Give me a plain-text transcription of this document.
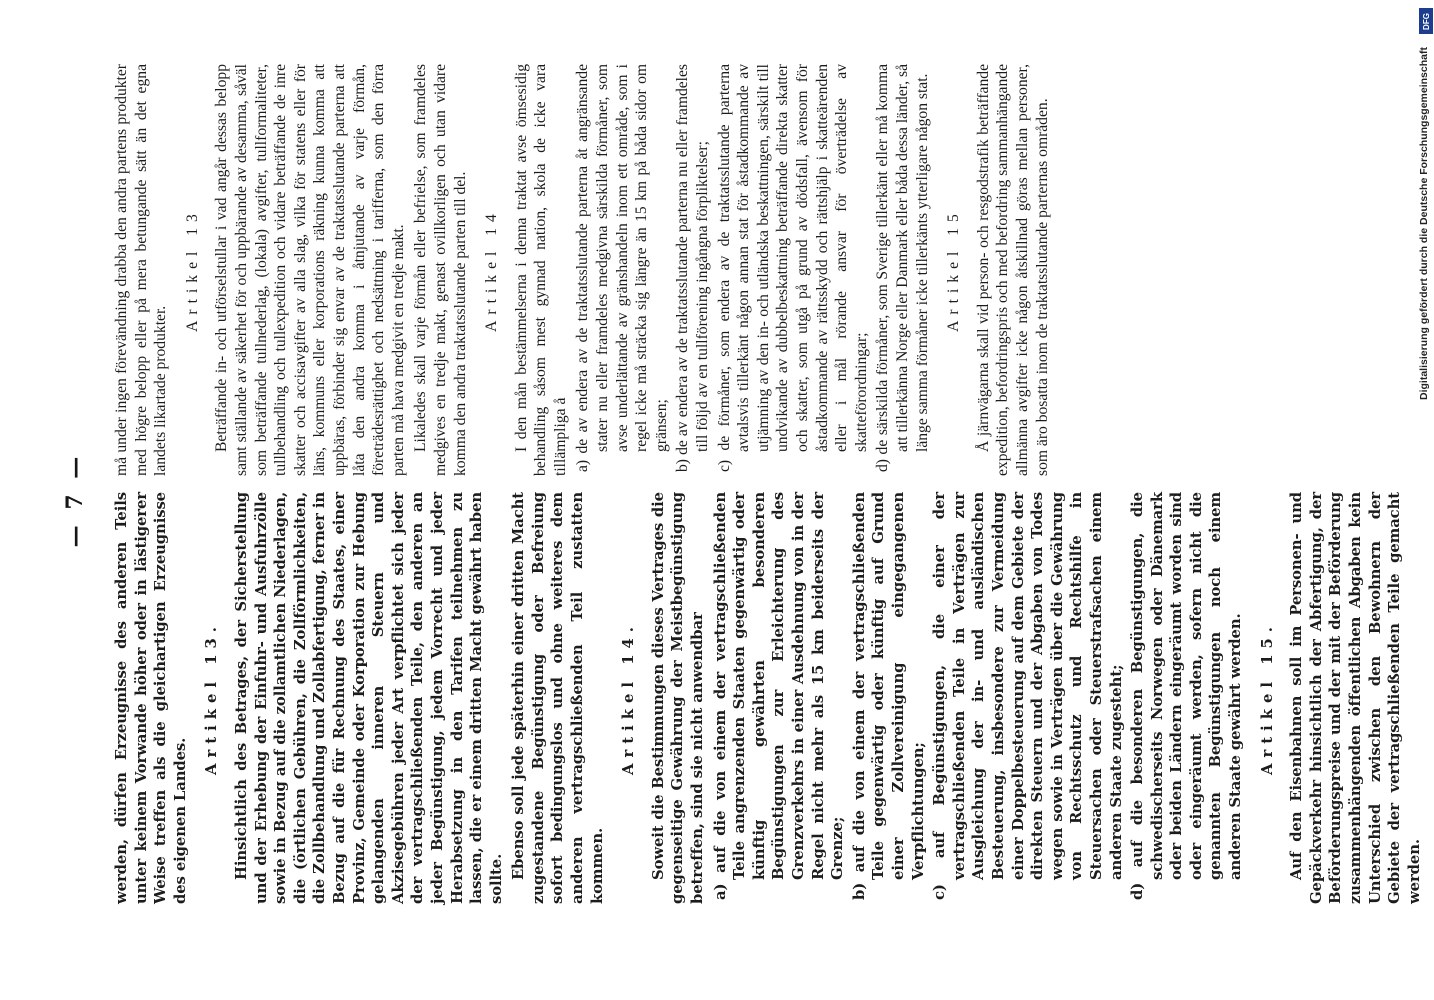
— 7 — werden, dürfen Erzeugnisse des anderen Teils unter keinem Vorwande höher oder in lästigerer Weise treffen als die gleichartigen Erzeugnisse des eigenen Landes.

Artikel 13. Hinsichtlich des Betrages, der Sicherstellung und der Erhebung der Einfuhr- und Ausfuhrzölle sowie in Bezug auf die zollamtlichen Niederlagen, die (örtlichen Gebühren, die Zollförmlichkeiten, die Zollbehandlung und Zollabfertigung, ferner in Bezug auf die für Rechnung des Staates, einer Provinz, Gemeinde oder Korporation zur Hebung gelangenden inneren Steuern und Akzisegebühren jeder Art verpflichtet sich jeder der vertragschließenden Teile, den anderen an jeder Begünstigung, jedem Vorrecht und jeder Herabsetzung in den Tarifen teilnehmen zu lassen, die er einem dritten Macht gewährt haben sollte. Ebenso soll jede späterhin einer dritten Macht zugestandene Begünstigung oder Befreiung sofort bedingungslos und ohne weiteres dem anderen vertragschließenden Teil zustatten kommen.

Artikel 14. Soweit die Bestimmungen dieses Vertrages die gegenseitige Gewährung der Meistbegünstigung betreffen, sind sie nicht anwendbar a) auf die von einem der vertragschließenden Teile angrenzenden Staaten gegenwärtig oder künftig gewährten besonderen Begünstigungen zur Erleichterung des Grenzverkehrs in einer Ausdehnung von in der Regel nicht mehr als 15 km beiderseits der Grenze; b) auf die von einem der vertragschließenden Teile gegenwärtig oder künftig auf Grund einer Zollvereinigung eingegangenen Verpflichtungen; c) auf Begünstigungen, die einer der vertragschließenden Teile in Verträgen zur Ausgleichung der in- und ausländischen Besteuerung, insbesondere zur Vermeidung einer Doppelbesteuerung auf dem Gebiete der direkten Steuern und der Abgaben von Todes wegen sowie in Verträgen über die Gewährung von Rechtsschutz und Rechtshilfe in Steuersachen oder Steuerstrafsachen einem anderen Staate zugesteht; d) auf die besonderen Begünstigungen, die schwedischerseits Norwegen oder Dänemark oder beiden Ländern eingeräumt worden sind oder eingeräumt werden, sofern nicht die genannten Begünstigungen noch einem anderen Staate gewährt werden. Artikel 15. Auf den Eisenbahnen soll im Personen- und Gepäckverkehr hinsichtlich der Abfertigung, der Beförderungspreise und der mit der Beförderung zusammenhängenden öffentlichen Abgaben kein Unterschied zwischen den Bewohnern der Gebiete der vertragschließenden Teile gemacht werden.

må under ingen förevändning drabba den andra partens produkter med högre belopp eller på mera betungande sätt än det egna landets likartade produkter.

Artikel 13 Beträffande in- och utförselstullar i vad angår dessas belopp samt ställande av säkerhet för och uppbärande av desamma, såväl som beträffande tullnederlag, (lokala) avgifter, tullformaliteter, tullbehandling och tullexpedition och vidare beträffande de inre skatter och accisavgifter av alla slag, vilka för statens eller för läns, kommuns eller korporations räkning kunna komma att uppbäras, förbinder sig envar av de traktatsslutande parterna att låta den andra komma i åtnjutande av varje förmån, företrädesrättighet och nedsättning i tarifferna, som den förra parten må hava medgivit en tredje makt. Likaledes skall varje förmån eller befrielse, som framdeles medgives en tredje makt, genast ovillkorligen och utan vidare komma den andra traktatsslutande parten till del. Artikel 14 I den mån bestämmelserna i denna traktat avse ömsesidig behandling såsom mest gynnad nation, skola de icke vara tillämpliga å a) de av endera av de traktatsslutande parterna åt angränsande stater nu eller framdeles medgivna särskilda förmåner, som avse underlättande av gränshandeln inom ett område, som i regel icke må sträcka sig längre än 15 km på båda sidor om gränsen; b) de av endera av de traktatsslutande parterna nu eller framdeles till följd av en tullförening ingångna förpliktelser; c) de förmåner, som endera av de traktatsslutande parterna avtalsvis tillerkänt någon annan stat för åstadkommande av utjämning av den in- och utländska beskattningen, särskilt till undvikande av dubbelbeskattning beträffande direkta skatter och skatter, som utgå på grund av dödsfall, ävensom för åstadkommande av rättsskydd och rättshjälp i skatteärenden eller i mål rörande ansvar för överträdelse av skatteförordningar; d) de särskilda förmåner, som Sverige tillerkänt eller må komma att tillerkänna Norge eller Danmark eller båda dessa länder, så länge samma förmåner icke tillerkänts ytterligare någon stat. Artikel 15 Å järnvägarna skall vid person- och resgodstrafik beträffande expedition, befordringspris och med befordring sammanhängande allmänna avgifter icke någon åtskillnad göras mellan personer, som äro bosatta inom de traktatsslutande parternas områden.

DFG
Digitalisierung gefördert durch die Deutsche Forschungsgemeinschaft
